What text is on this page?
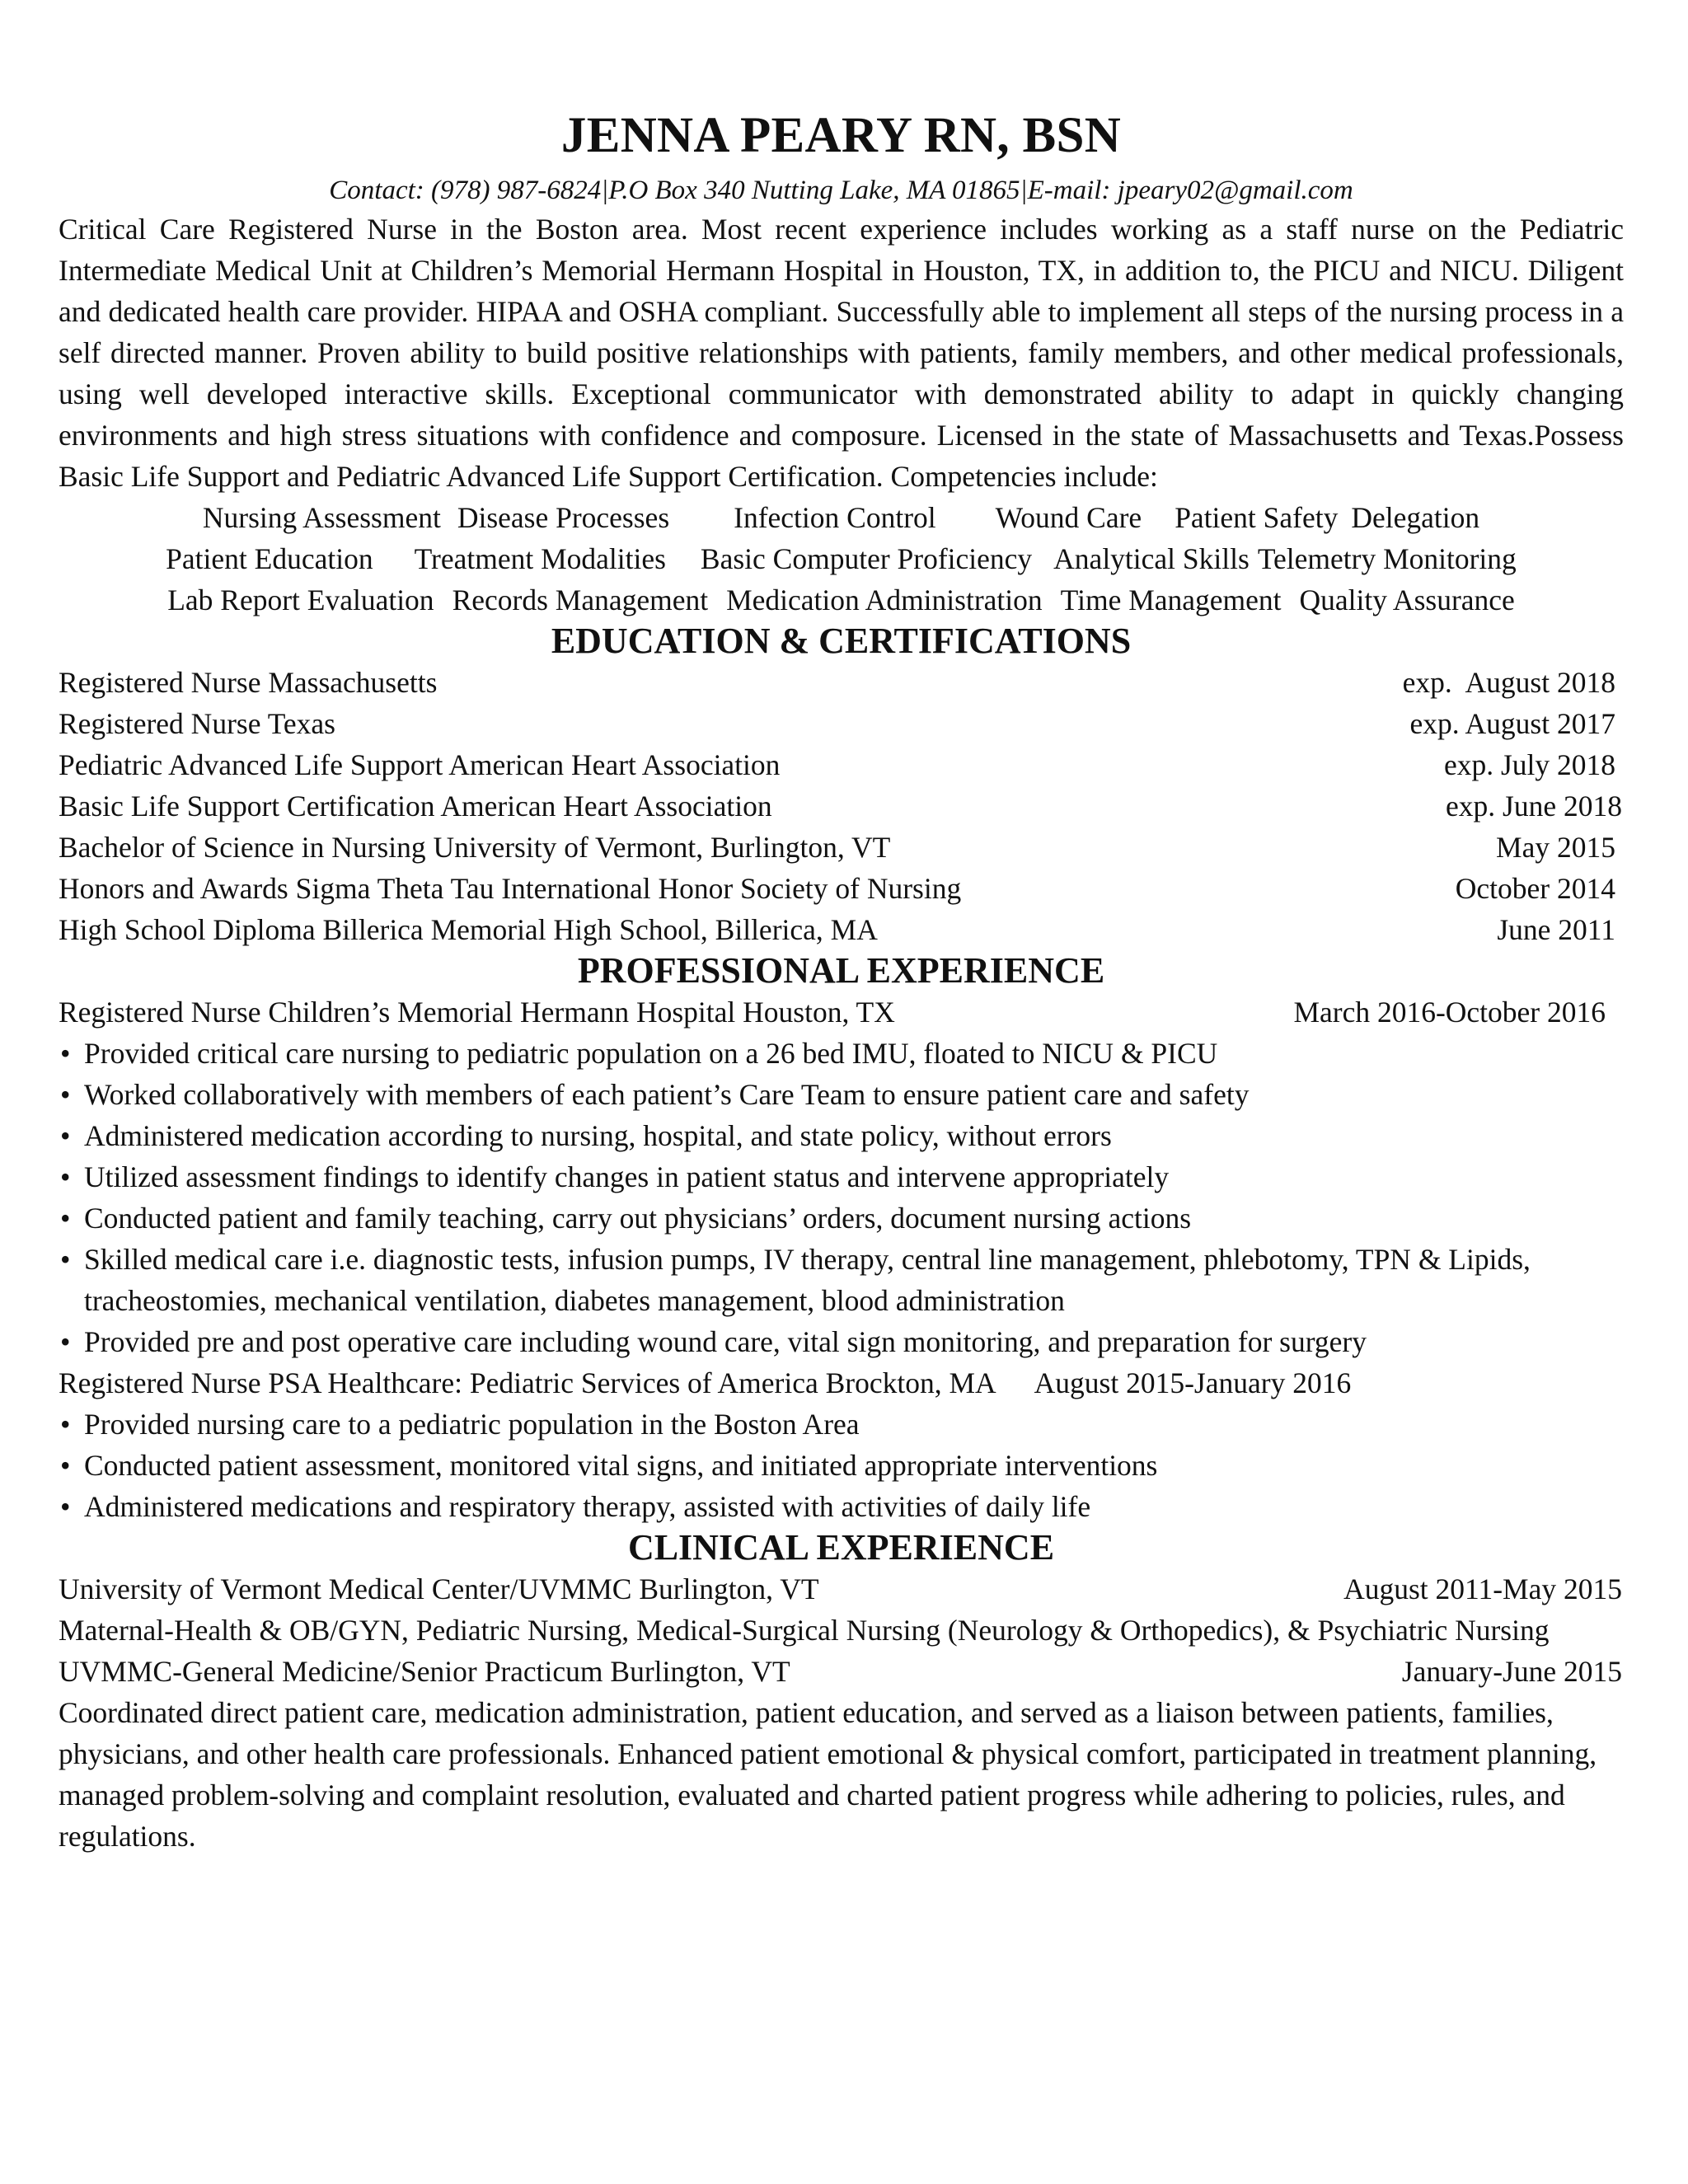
JENNA PEARY RN, BSN

Contact: (978) 987-6824|P.O Box 340 Nutting Lake, MA 01865|E-mail: jpeary02@gmail.com

Critical Care Registered Nurse in the Boston area. Most recent experience includes working as a staff nurse on the Pediatric Intermediate Medical Unit at Children’s Memorial Hermann Hospital in Houston, TX, in addition to, the PICU and NICU. Diligent and dedicated health care provider. HIPAA and OSHA compliant. Successfully able to implement all steps of the nursing process in a self directed manner. Proven ability to build positive relationships with patients, family members, and other medical professionals, using well developed interactive skills. Exceptional communicator with demonstrated ability to adapt in quickly changing environments and high stress situations with confidence and composure. Licensed in the state of Massachusetts and Texas.Possess Basic Life Support and Pediatric Advanced Life Support Certification. Competencies include:

Nursing Assessment Disease Processes Infection Control Wound Care Patient Safety Delegation
Patient Education Treatment Modalities Basic Computer Proficiency Analytical Skills Telemetry Monitoring
Lab Report Evaluation Records Management Medication Administration Time Management Quality Assurance
EDUCATION & CERTIFICATIONS
Registered Nurse Massachusetts	exp.  August 2018
Registered Nurse Texas	exp. August 2017
Pediatric Advanced Life Support American Heart Association	exp. July 2018
Basic Life Support Certification American Heart Association	exp. June 2018
Bachelor of Science in Nursing University of Vermont, Burlington, VT	May 2015
Honors and Awards Sigma Theta Tau International Honor Society of Nursing	October 2014
High School Diploma Billerica Memorial High School, Billerica, MA	June 2011
PROFESSIONAL EXPERIENCE
Registered Nurse Children’s Memorial Hermann Hospital Houston, TX	March 2016-October 2016
• Provided critical care nursing to pediatric population on a 26 bed IMU, floated to NICU & PICU
• Worked collaboratively with members of each patient’s Care Team to ensure patient care and safety
• Administered medication according to nursing, hospital, and state policy, without errors
• Utilized assessment findings to identify changes in patient status and intervene appropriately
• Conducted patient and family teaching, carry out physicians’ orders, document nursing actions
• Skilled medical care i.e. diagnostic tests, infusion pumps, IV therapy, central line management, phlebotomy, TPN & Lipids, tracheostomies, mechanical ventilation, diabetes management, blood administration
• Provided pre and post operative care including wound care, vital sign monitoring, and preparation for surgery
Registered Nurse PSA Healthcare: Pediatric Services of America Brockton, MA August 2015-January 2016
• Provided nursing care to a pediatric population in the Boston Area
• Conducted patient assessment, monitored vital signs, and initiated appropriate interventions
• Administered medications and respiratory therapy, assisted with activities of daily life
CLINICAL EXPERIENCE
University of Vermont Medical Center/UVMMC Burlington, VT	August 2011-May 2015

Maternal-Health & OB/GYN, Pediatric Nursing, Medical-Surgical Nursing (Neurology & Orthopedics), & Psychiatric Nursing

UVMMC-General Medicine/Senior Practicum Burlington, VT	January-June 2015

Coordinated direct patient care, medication administration, patient education, and served as a liaison between patients, families, physicians, and other health care professionals. Enhanced patient emotional & physical comfort, participated in treatment planning, managed problem-solving and complaint resolution, evaluated and charted patient progress while adhering to policies, rules, and regulations.
